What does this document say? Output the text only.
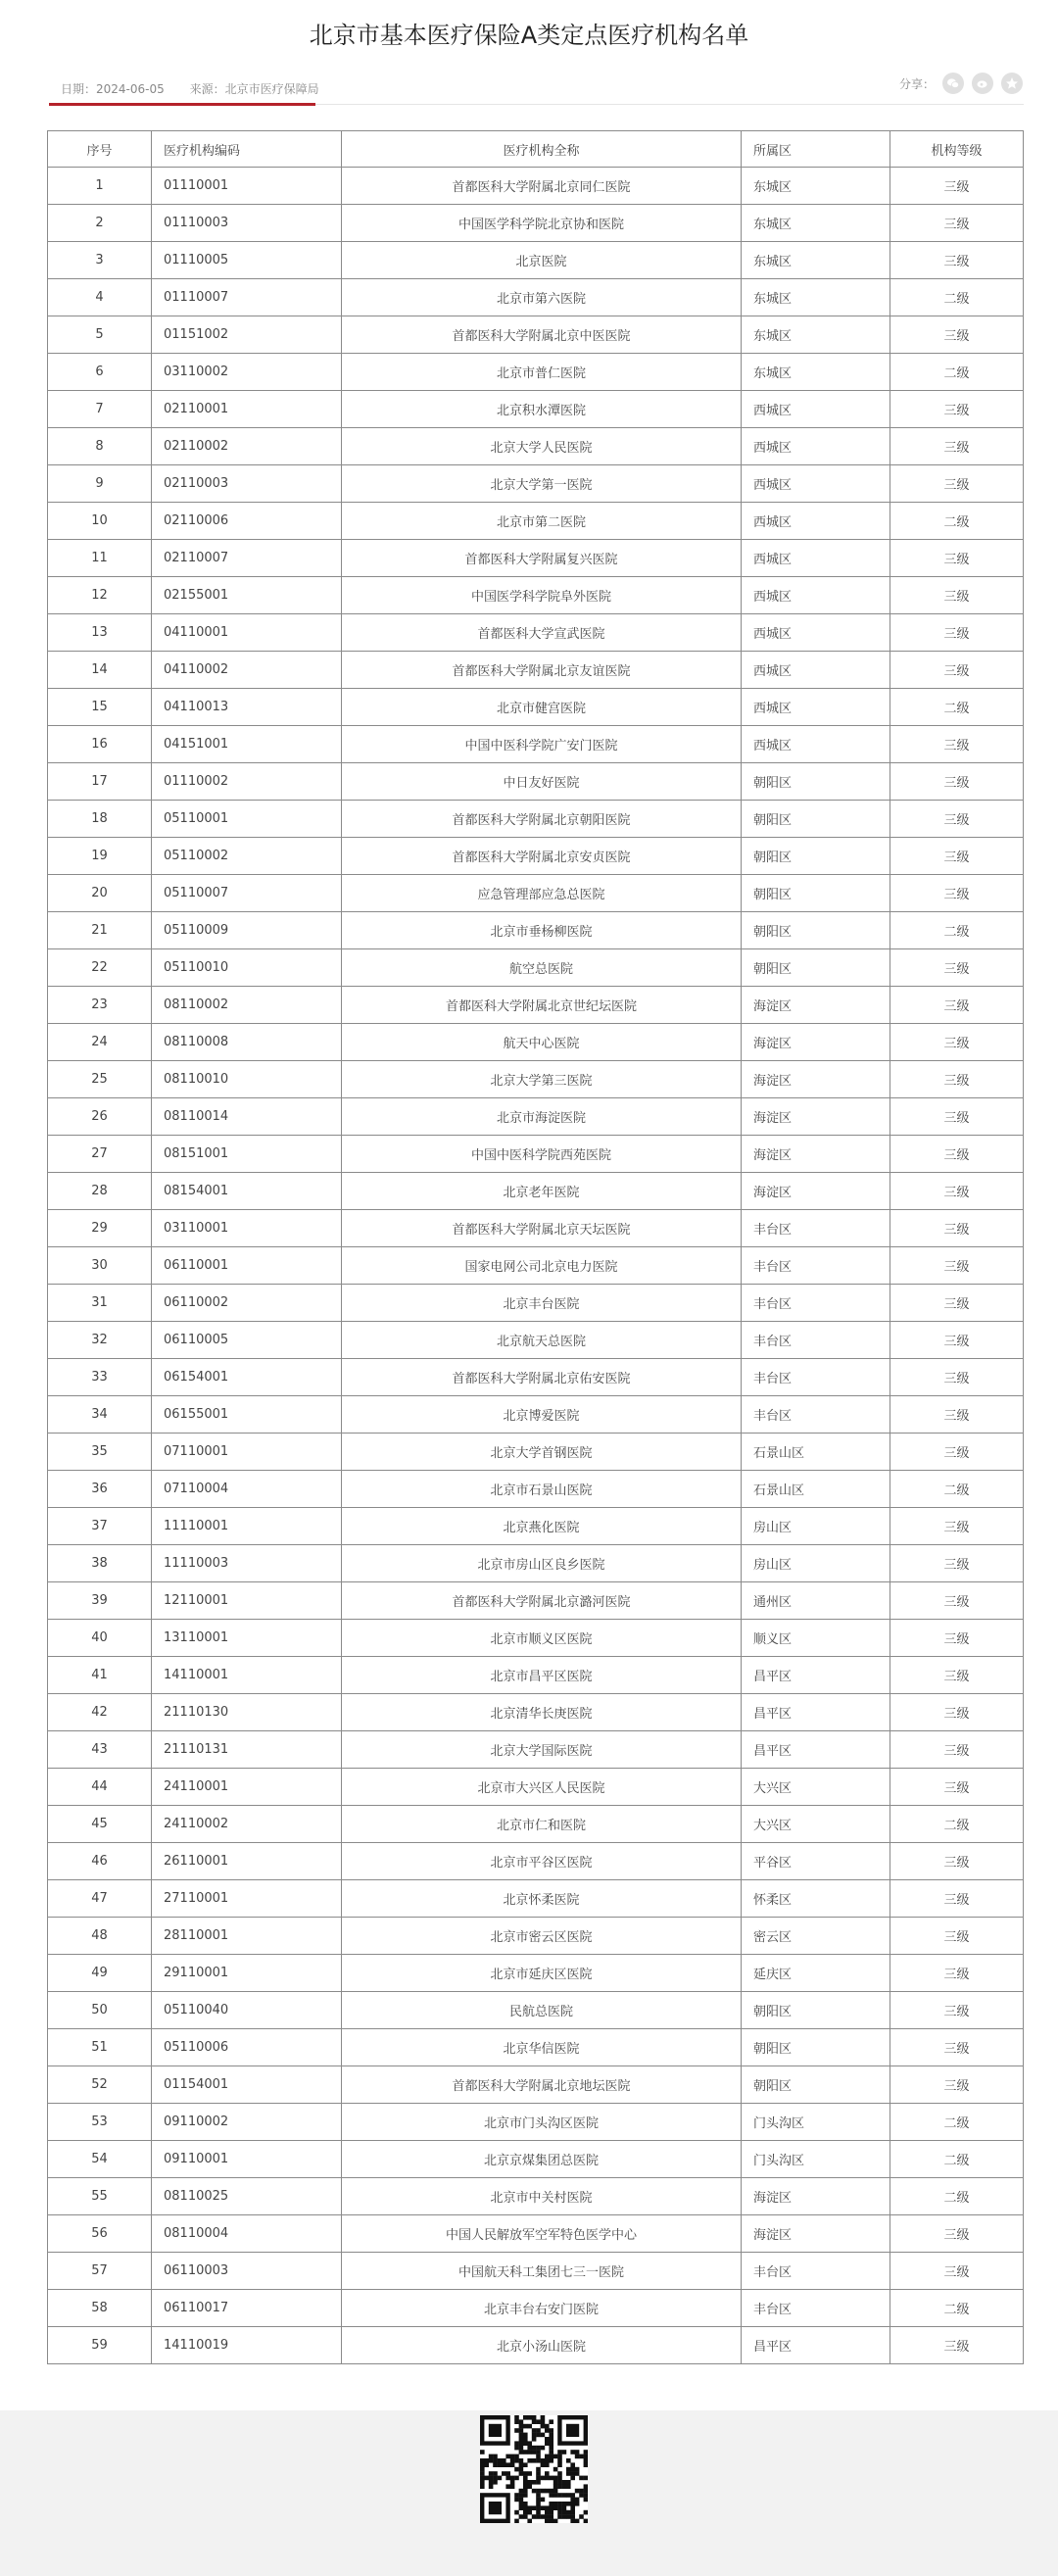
北京市基本医疗保险A类定点医疗机构名单
日期：2024-06-05 来源：北京市医疗保障局	分享：
序号	医疗机构编码	医疗机构全称	所属区	机构等级
1	01110001	首都医科大学附属北京同仁医院	东城区	三级
2	01110003	中国医学科学院北京协和医院	东城区	三级
3	01110005	北京医院	东城区	三级
4	01110007	北京市第六医院	东城区	二级
5	01151002	首都医科大学附属北京中医医院	东城区	三级
6	03110002	北京市普仁医院	东城区	二级
7	02110001	北京积水潭医院	西城区	三级
8	02110002	北京大学人民医院	西城区	三级
9	02110003	北京大学第一医院	西城区	三级
10	02110006	北京市第二医院	西城区	二级
11	02110007	首都医科大学附属复兴医院	西城区	三级
12	02155001	中国医学科学院阜外医院	西城区	三级
13	04110001	首都医科大学宣武医院	西城区	三级
14	04110002	首都医科大学附属北京友谊医院	西城区	三级
15	04110013	北京市健宫医院	西城区	二级
16	04151001	中国中医科学院广安门医院	西城区	三级
17	01110002	中日友好医院	朝阳区	三级
18	05110001	首都医科大学附属北京朝阳医院	朝阳区	三级
19	05110002	首都医科大学附属北京安贞医院	朝阳区	三级
20	05110007	应急管理部应急总医院	朝阳区	三级
21	05110009	北京市垂杨柳医院	朝阳区	二级
22	05110010	航空总医院	朝阳区	三级
23	08110002	首都医科大学附属北京世纪坛医院	海淀区	三级
24	08110008	航天中心医院	海淀区	三级
25	08110010	北京大学第三医院	海淀区	三级
26	08110014	北京市海淀医院	海淀区	三级
27	08151001	中国中医科学院西苑医院	海淀区	三级
28	08154001	北京老年医院	海淀区	三级
29	03110001	首都医科大学附属北京天坛医院	丰台区	三级
30	06110001	国家电网公司北京电力医院	丰台区	三级
31	06110002	北京丰台医院	丰台区	三级
32	06110005	北京航天总医院	丰台区	三级
33	06154001	首都医科大学附属北京佑安医院	丰台区	三级
34	06155001	北京博爱医院	丰台区	三级
35	07110001	北京大学首钢医院	石景山区	三级
36	07110004	北京市石景山医院	石景山区	二级
37	11110001	北京燕化医院	房山区	三级
38	11110003	北京市房山区良乡医院	房山区	三级
39	12110001	首都医科大学附属北京潞河医院	通州区	三级
40	13110001	北京市顺义区医院	顺义区	三级
41	14110001	北京市昌平区医院	昌平区	三级
42	21110130	北京清华长庚医院	昌平区	三级
43	21110131	北京大学国际医院	昌平区	三级
44	24110001	北京市大兴区人民医院	大兴区	三级
45	24110002	北京市仁和医院	大兴区	二级
46	26110001	北京市平谷区医院	平谷区	三级
47	27110001	北京怀柔医院	怀柔区	三级
48	28110001	北京市密云区医院	密云区	三级
49	29110001	北京市延庆区医院	延庆区	三级
50	05110040	民航总医院	朝阳区	三级
51	05110006	北京华信医院	朝阳区	三级
52	01154001	首都医科大学附属北京地坛医院	朝阳区	三级
53	09110002	北京市门头沟区医院	门头沟区	二级
54	09110001	北京京煤集团总医院	门头沟区	二级
55	08110025	北京市中关村医院	海淀区	二级
56	08110004	中国人民解放军空军特色医学中心	海淀区	三级
57	06110003	中国航天科工集团七三一医院	丰台区	三级
58	06110017	北京丰台右安门医院	丰台区	二级
59	14110019	北京小汤山医院	昌平区	三级
